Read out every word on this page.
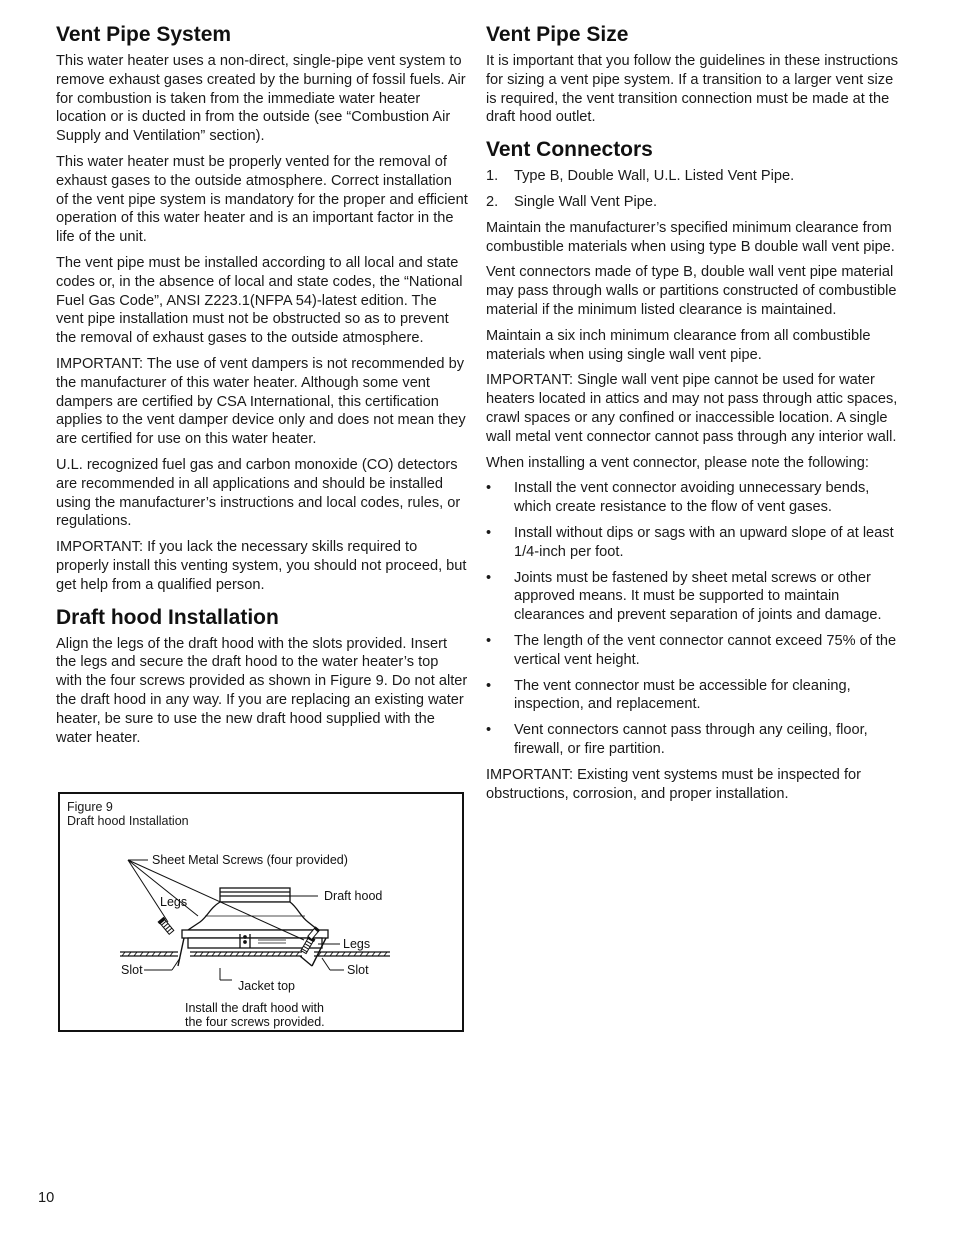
Vent Pipe System

This water heater uses a non-direct, single-pipe vent system to remove exhaust gases created by the burning of fossil fuels. Air for combustion is taken from the immediate water heater location or is ducted in from the outside (see “Combustion Air Supply and Ventilation” section).

This water heater must be properly vented for the removal of exhaust gases to the outside atmosphere. Correct installation of the vent pipe system is mandatory for the proper and efficient operation of this water heater and is an important factor in the life of the unit.

The vent pipe must be installed according to all local and state codes or, in the absence of local and state codes, the “National Fuel Gas Code”, ANSI Z223.1(NFPA 54)-latest edition. The vent pipe installation must not be obstructed so as to prevent the removal of exhaust gases to the outside atmosphere.

IMPORTANT: The use of vent dampers is not recommended by the manufacturer of this water heater. Although some vent dampers are certified by CSA International, this certification applies to the vent damper device only and does not mean they are certified for use on this water heater.

U.L. recognized fuel gas and carbon monoxide (CO) detectors are recommended in all applications and should be installed using the manufacturer’s instructions and local codes, rules, or regulations.

IMPORTANT: If you lack the necessary skills required to properly install this venting system, you should not proceed, but get help from a qualified person.

Draft hood Installation

Align the legs of the draft hood with the slots provided. Insert the legs and secure the draft hood to the water heater’s top with the four screws provided as shown in Figure 9. Do not alter the draft hood in any way. If you are replacing an existing water heater, be sure to use the new draft hood supplied with the water heater.

Figure 9
Draft hood Installation
Sheet Metal Screws (four provided)
Legs	Draft hood
Legs
Slot	Slot
Jacket top
Install the draft hood with
the four screws provided.
Vent Pipe Size

It is important that you follow the guidelines in these instructions for sizing a vent pipe system. If a transition to a larger vent size is required, the vent transition connection must be made at the draft hood outlet.

Vent Connectors
1. Type B, Double Wall, U.L. Listed Vent Pipe.
2. Single Wall Vent Pipe.

Maintain the manufacturer’s specified minimum clearance from combustible materials when using type B double wall vent pipe.

Vent connectors made of type B, double wall vent pipe material may pass through walls or partitions constructed of combustible material if the minimum listed clearance is maintained.

Maintain a six inch minimum clearance from all combustible materials when using single wall vent pipe.

IMPORTANT: Single wall vent pipe cannot be used for water heaters located in attics and may not pass through attic spaces, crawl spaces or any confined or inaccessible location. A single wall metal vent connector cannot pass through any interior wall.

When installing a vent connector, please note the following:

• Install the vent connector avoiding unnecessary bends, which create resistance to the flow of vent gases.
• Install without dips or sags with an upward slope of at least 1/4-inch per foot.
• Joints must be fastened by sheet metal screws or other approved means. It must be supported to maintain clearances and prevent separation of joints and damage.
• The length of the vent connector cannot exceed 75% of the vertical vent height.
• The vent connector must be accessible for cleaning, inspection, and replacement.
• Vent connectors cannot pass through any ceiling, floor, firewall, or fire partition.

IMPORTANT: Existing vent systems must be inspected for obstructions, corrosion, and proper installation.

10
